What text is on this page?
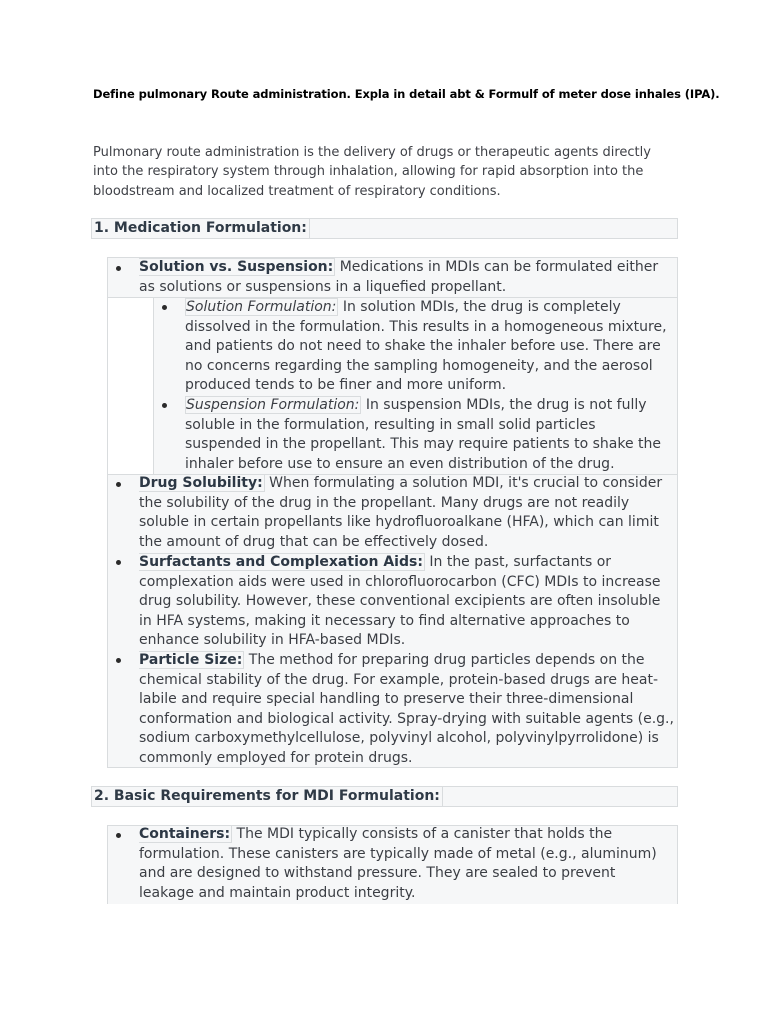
Define pulmonary Route administration. Expla in detail abt & Formulf of meter dose inhales (IPA).
Pulmonary route administration is the delivery of drugs or therapeutic agents directly into the respiratory system through inhalation, allowing for rapid absorption into the bloodstream and localized treatment of respiratory conditions.
1. Medication Formulation:
Solution vs. Suspension: Medications in MDIs can be formulated either as solutions or suspensions in a liquefied propellant.
Solution Formulation: In solution MDIs, the drug is completely dissolved in the formulation. This results in a homogeneous mixture, and patients do not need to shake the inhaler before use. There are no concerns regarding the sampling homogeneity, and the aerosol produced tends to be finer and more uniform.
Suspension Formulation: In suspension MDIs, the drug is not fully soluble in the formulation, resulting in small solid particles suspended in the propellant. This may require patients to shake the inhaler before use to ensure an even distribution of the drug.
Drug Solubility: When formulating a solution MDI, it's crucial to consider the solubility of the drug in the propellant. Many drugs are not readily soluble in certain propellants like hydrofluoroalkane (HFA), which can limit the amount of drug that can be effectively dosed.
Surfactants and Complexation Aids: In the past, surfactants or complexation aids were used in chlorofluorocarbon (CFC) MDIs to increase drug solubility. However, these conventional excipients are often insoluble in HFA systems, making it necessary to find alternative approaches to enhance solubility in HFA-based MDIs.
Particle Size: The method for preparing drug particles depends on the chemical stability of the drug. For example, protein-based drugs are heat-labile and require special handling to preserve their three-dimensional conformation and biological activity. Spray-drying with suitable agents (e.g., sodium carboxymethylcellulose, polyvinyl alcohol, polyvinylpyrrolidone) is commonly employed for protein drugs.
2. Basic Requirements for MDI Formulation:
Containers: The MDI typically consists of a canister that holds the formulation. These canisters are typically made of metal (e.g., aluminum) and are designed to withstand pressure. They are sealed to prevent leakage and maintain product integrity.
